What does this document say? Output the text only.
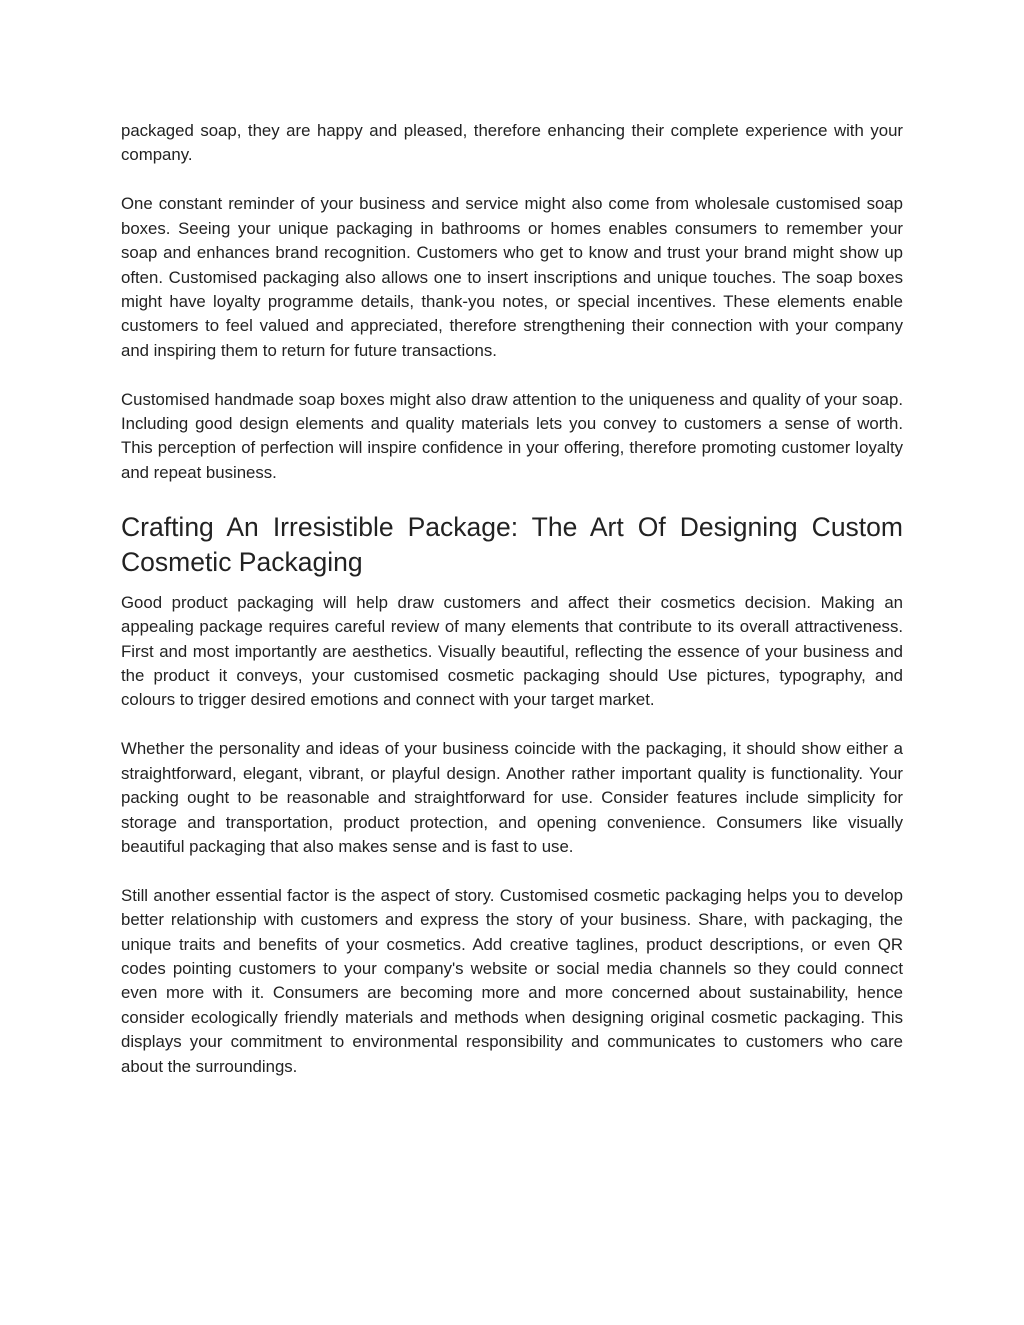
packaged soap, they are happy and pleased, therefore enhancing their complete experience with your company.

One constant reminder of your business and service might also come from wholesale customised soap boxes. Seeing your unique packaging in bathrooms or homes enables consumers to remember your soap and enhances brand recognition. Customers who get to know and trust your brand might show up often. Customised packaging also allows one to insert inscriptions and unique touches. The soap boxes might have loyalty programme details, thank-you notes, or special incentives. These elements enable customers to feel valued and appreciated, therefore strengthening their connection with your company and inspiring them to return for future transactions.

Customised handmade soap boxes might also draw attention to the uniqueness and quality of your soap. Including good design elements and quality materials lets you convey to customers a sense of worth. This perception of perfection will inspire confidence in your offering, therefore promoting customer loyalty and repeat business.

Crafting An Irresistible Package: The Art Of Designing Custom Cosmetic Packaging

Good product packaging will help draw customers and affect their cosmetics decision. Making an appealing package requires careful review of many elements that contribute to its overall attractiveness. First and most importantly are aesthetics. Visually beautiful, reflecting the essence of your business and the product it conveys, your customised cosmetic packaging should Use pictures, typography, and colours to trigger desired emotions and connect with your target market.

Whether the personality and ideas of your business coincide with the packaging, it should show either a straightforward, elegant, vibrant, or playful design. Another rather important quality is functionality. Your packing ought to be reasonable and straightforward for use. Consider features include simplicity for storage and transportation, product protection, and opening convenience. Consumers like visually beautiful packaging that also makes sense and is fast to use.

Still another essential factor is the aspect of story. Customised cosmetic packaging helps you to develop better relationship with customers and express the story of your business. Share, with packaging, the unique traits and benefits of your cosmetics. Add creative taglines, product descriptions, or even QR codes pointing customers to your company's website or social media channels so they could connect even more with it. Consumers are becoming more and more concerned about sustainability, hence consider ecologically friendly materials and methods when designing original cosmetic packaging. This displays your commitment to environmental responsibility and communicates to customers who care about the surroundings.
